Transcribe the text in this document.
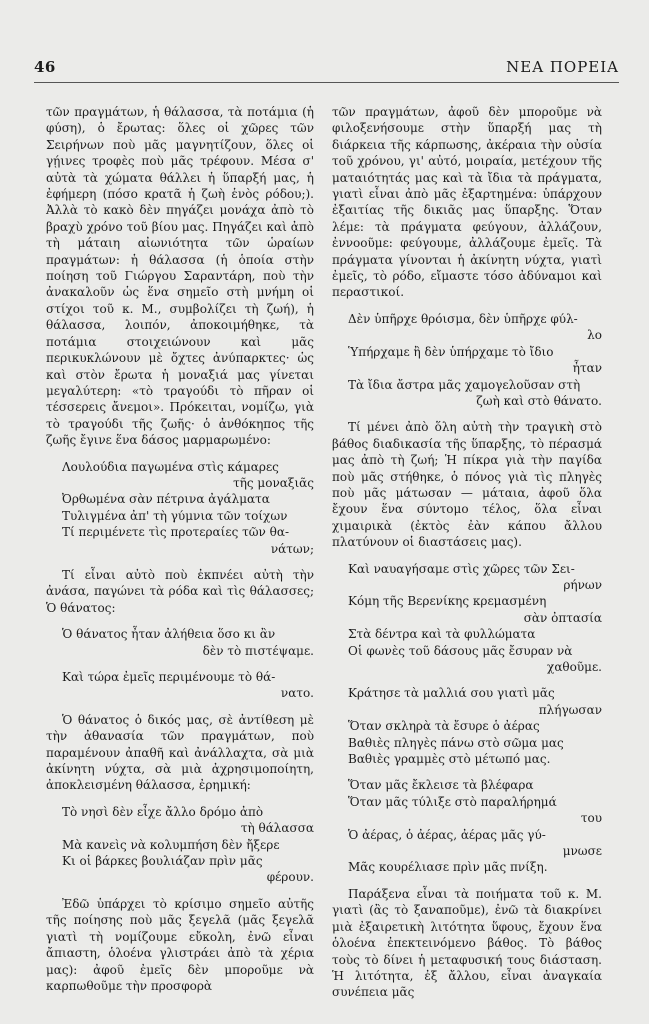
46	ΝΕΑ ΠΟΡΕΙΑ

τῶν πραγμάτων, ἡ θάλασσα, τὰ ποτάμια (ἡ φύση), ὁ ἔρωτας: ὅλες οἱ χῶρες τῶν Σειρήνων ποὺ μᾶς μαγνητίζουν, ὅλες οἱ γῄινες τροφὲς ποὺ μᾶς τρέφουν. Μέσα σ' αὐτὰ τὰ χώματα θάλλει ἡ ὕπαρξή μας, ἡ ἐφήμερη (πόσο κρατᾶ ἡ ζωὴ ἑνὸς ρόδου;). Ἀλλὰ τὸ κακὸ δὲν πηγάζει μονάχα ἀπὸ τὸ βραχὺ χρόνο τοῦ βίου μας. Πηγάζει καὶ ἀπὸ τὴ μάταιη αἰωνιότητα τῶν ὡραίων πραγμάτων: ἡ θάλασσα (ἡ ὁποία στὴν ποίηση τοῦ Γιώργου Σαραντάρη, ποὺ τὴν ἀνακαλοῦν ὡς ἕνα σημεῖο στὴ μνήμη οἱ στίχοι τοῦ κ. Μ., συμβολίζει τὴ ζωή), ἡ θάλασσα, λοιπόν, ἀποκοιμήθηκε, τὰ ποτάμια στοιχειώνουν καὶ μᾶς περικυκλώνουν μὲ ὄχτες ἀνύπαρκτες· ὡς καὶ στὸν ἔρωτα ἡ μοναξιά μας γίνεται μεγαλύτερη: «τὸ τραγούδι τὸ πῆραν οἱ τέσσερεις ἄνεμοι». Πρόκειται, νομίζω, γιὰ τὸ τραγούδι τῆς ζωῆς· ὁ ἀνθόκηπος τῆς ζωῆς ἔγινε ἕνα δάσος μαρμαρωμένο:

Λουλούδια παγωμένα στὶς κάμαρες
τῆς μοναξιᾶς
Ὀρθωμένα σὰν πέτρινα ἀγάλματα
Τυλιγμένα ἀπ' τὴ γύμνια τῶν τοίχων
Τί περιμένετε τὶς προτεραίες τῶν θα-
νάτων;

Τί εἶναι αὐτὸ ποὺ ἐκπνέει αὐτὴ τὴν ἀνάσα, παγώνει τὰ ρόδα καὶ τὶς θάλασσες; Ὁ θάνατος:

Ὁ θάνατος ἦταν ἀλήθεια ὅσο κι ἂν
δὲν τὸ πιστέψαμε.
Καὶ τώρα ἐμεῖς περιμένουμε τὸ θά-
νατο.

Ὁ θάνατος ὁ δικός μας, σὲ ἀντίθεση μὲ τὴν ἀθανασία τῶν πραγμάτων, ποὺ παραμένουν ἀπαθῆ καὶ ἀνάλλαχτα, σὰ μιὰ ἀκίνητη νύχτα, σὰ μιὰ ἀχρησιμοποίητη, ἀποκλεισμένη θάλασσα, ἐρημική:

Τὸ νησὶ δὲν εἶχε ἄλλο δρόμο ἀπὸ
τὴ θάλασσα
Μὰ κανεὶς νὰ κολυμπήση δὲν ἤξερε
Κι οἱ βάρκες βουλιάζαν πρὶν μᾶς
φέρουν.

Ἐδῶ ὑπάρχει τὸ κρίσιμο σημεῖο αὐτῆς τῆς ποίησης ποὺ μᾶς ξεγελᾶ (μᾶς ξεγελᾶ γιατὶ τὴ νομίζουμε εὔκολη, ἐνῶ εἶναι ἄπιαστη, ὁλοένα γλιστράει ἀπὸ τὰ χέρια μας): ἀφοῦ ἐμεῖς δὲν μποροῦμε νὰ καρπωθοῦμε τὴν προσφορὰ

τῶν πραγμάτων, ἀφοῦ δὲν μποροῦμε νὰ φιλοξενήσουμε στὴν ὕπαρξή μας τὴ διάρκεια τῆς κάρπωσης, ἀκέραια τὴν οὐσία τοῦ χρόνου, γι' αὐτό, μοιραία, μετέχουν τῆς ματαιότητάς μας καὶ τὰ ἴδια τὰ πράγματα, γιατὶ εἶναι ἀπὸ μᾶς ἐξαρτημένα: ὑπάρχουν ἐξαιτίας τῆς δικιᾶς μας ὕπαρξης. Ὅταν λέμε: τὰ πράγματα φεύγουν, ἀλλάζουν, ἐννοοῦμε: φεύγουμε, ἀλλάζουμε ἐμεῖς. Τὰ πράγματα γίνονται ἡ ἀκίνητη νύχτα, γιατὶ ἐμεῖς, τὸ ρόδο, εἴμαστε τόσο ἀδύναμοι καὶ περαστικοί.

Δὲν ὑπῆρχε θρόισμα, δὲν ὑπῆρχε φύλ-
λο
Ὑπήρχαμε ἢ δὲν ὑπήρχαμε τὸ ἴδιο
ἦταν
Τὰ ἴδια ἄστρα μᾶς χαμογελοῦσαν στὴ
ζωὴ καὶ στὸ θάνατο.

Τί μένει ἀπὸ ὅλη αὐτὴ τὴν τραγικὴ στὸ βάθος διαδικασία τῆς ὕπαρξης, τὸ πέρασμά μας ἀπὸ τὴ ζωή; Ἡ πίκρα γιὰ τὴν παγίδα ποὺ μᾶς στήθηκε, ὁ πόνος γιὰ τὶς πληγὲς ποὺ μᾶς μάτωσαν — μάταια, ἀφοῦ ὅλα ἔχουν ἕνα σύντομο τέλος, ὅλα εἶναι χιμαιρικὰ (ἐκτὸς ἐὰν κάπου ἄλλου πλατύνουν οἱ διαστάσεις μας).

Καὶ ναυαγήσαμε στὶς χῶρες τῶν Σει-
ρήνων
Κόμη τῆς Βερενίκης κρεμασμένη
σὰν ὀπτασία
Στὰ δέντρα καὶ τὰ φυλλώματα
Οἱ φωνὲς τοῦ δάσους μᾶς ἔσυραν νὰ
χαθοῦμε.
Κράτησε τὰ μαλλιά σου γιατὶ μᾶς
πλήγωσαν
Ὅταν σκληρὰ τὰ ἔσυρε ὁ ἀέρας
Βαθιὲς πληγὲς πάνω στὸ σῶμα μας
Βαθιὲς γραμμὲς στὸ μέτωπό μας.
Ὅταν μᾶς ἔκλεισε τὰ βλέφαρα
Ὅταν μᾶς τύλιξε στὸ παραλήρημά
του
Ὁ ἀέρας, ὁ ἀέρας, ἀέρας μᾶς γύ-
μνωσε
Μᾶς κουρέλιασε πρὶν μᾶς πνίξη.

Παράξενα εἶναι τὰ ποιήματα τοῦ κ. Μ. γιατὶ (ἂς τὸ ξαναποῦμε), ἐνῶ τὰ διακρίνει μιὰ ἐξαιρετικὴ λιτότητα ὕφους, ἔχουν ἕνα ὁλοένα ἐπεκτεινόμενο βάθος. Τὸ βάθος τοὺς τὸ δίνει ἡ μεταφυσική τους διάσταση. Ἡ λιτότητα, ἐξ ἄλλου, εἶναι ἀναγκαία συνέπεια μᾶς
